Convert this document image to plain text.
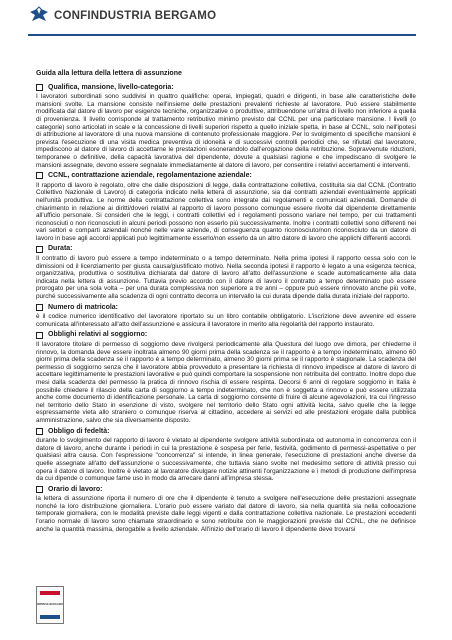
CONFINDUSTRIA BERGAMO
Guida alla lettura della lettera di assunzione
Qualifica, mansione, livello-categoria:

I lavoratori subordinati sono suddivisi in quattro qualifiche: operai, impiegati, quadri e dirigenti, in base alle caratteristiche delle mansioni svolte. La mansione consiste nell'insieme delle prestazioni prevalenti richieste al lavoratore. Può essere stabilmente modificata dal datore di lavoro per esigenze tecniche, organizzative o produttive, attribuendone un'altra di livello non inferiore a quella di provenienza. Il livello corrisponde al trattamento retributivo minimo previsto dal CCNL per una particolare mansione. I livelli (o categorie) sono articolati in scale e la concessione di livelli superiori rispetto a quello iniziale spetta, in base al CCNL, solo nell'ipotesi di attribuzione al lavoratore di una nuova mansione di contenuto professionale maggiore. Per lo svolgimento di specifiche mansioni è prevista l'esecuzione di una visita medica preventiva di idoneità e di successivi controlli periodici che, se rifiutati dal lavoratore, impediscono al datore di lavoro di accettarne le prestazioni esonerandolo dall'erogazione della retribuzione. Sopravvenute riduzioni, temporanee o definitive, della capacità lavorativa del dipendente, dovute a qualsiasi ragione e che impediscano di svolgere le mansioni assegnate, devono essere segnalate immediatamente al datore di lavoro, per consentire i relativi accertamenti e interventi.

CCNL, contrattazione aziendale, regolamentazione aziendale:

Il rapporto di lavoro è regolato, oltre che dalle disposizioni di legge, dalla contrattazione collettiva, costituita sia dal CCNL (Contratto Collettivo Nazionale di Lavoro) di categoria indicato nella lettera di assunzione, sia dai contratti aziendali eventualmente applicati nell'unità produttiva. Le norme della contrattazione collettiva sono integrate dai regolamenti e comunicati aziendali. Domande di chiarimento in relazione ai diritti/doveri relativi al rapporto di lavoro possono comunque essere rivolte dal dipendente direttamente all'ufficio personale. Si consideri che le leggi, i contratti collettivi ed i regolamenti possono variare nel tempo, per cui trattamenti riconosciuti o non riconosciuti in alcuni periodi possono non esserlo più successivamente. Inoltre i contratti collettivi sono differenti nei vari settori e comparti aziendali nonché nelle varie aziende, di conseguenza quanto riconosciuto/non riconosciuto da un datore di lavoro in base agli accordi applicati può legittimamente esserlo/non esserlo da un altro datore di lavoro che applichi differenti accordi.

Durata:

Il contratto di lavoro può essere a tempo indeterminato o a tempo determinato. Nella prima ipotesi il rapporto cessa solo con le dimissioni od il licenziamento per giusta causa/giustificato motivo. Nella seconda ipotesi il rapporto è legato a una esigenza tecnica, organizzativa, produttiva o sostitutiva dichiarata dal datore di lavoro all'atto dell'assunzione e scade automaticamente alla data indicata nella lettera di assunzione. Tuttavia previo accordo con il datore di lavoro il contratto a tempo determinato può essere prorogato per una sola volta – per una durata complessiva non superiore a tre anni – oppure può essere rinnovato anche più volte, purché successivamente alla scadenza di ogni contratto decorra un intervallo la cui durata dipende dalla durata iniziale del rapporto.

Numero di matricola:

è il codice numerico identificativo del lavoratore riportato su un libro contabile obbligatorio. L'iscrizione deve avvenire ed essere comunicata all'interessato all'atto dell'assunzione e assicura il lavoratore in merito alla regolarità del rapporto instaurato.

Obblighi relativi al soggiorno:

Il lavoratore titolare di permesso di soggiorno deve rivolgersi periodicamente alla Questura del luogo ove dimora, per chiederne il rinnovo, la domanda deve essere inoltrata almeno 90 giorni prima della scadenza se il rapporto è a tempo indeterminato, almeno 60 giorni prima della scadenza se il rapporto è a tempo determinato, almeno 30 giorni prima se il rapporto è stagionale. La scadenza del permesso di soggiorno senza che il lavoratore abbia provveduto a presentare la richiesta di rinnovo impedisce al datore di lavoro di accettare legittimamente le prestazioni lavorative e può quindi comportare la sospensione non retribuita del contratto. Inoltre dopo due mesi dalla scadenza del permesso la pratica di rinnovo rischia di essere respinta. Decorsi 6 anni di regolare soggiorno in Italia è possibile chiedere il rilascio della carta di soggiorno a tempo indeterminato, che non è soggetta a rinnovo e può essere utilizzata anche come documento di identificazione personale. La carta di soggiorno consente di fruire di alcune agevolazioni, tra cui l'ingresso nel territorio dello Stato in esenzione di visto, svolgere nel territorio dello Stato ogni attività lecita, salvo quelle che la legge espressamente vieta allo straniero o comunque riserva al cittadino, accedere ai servizi ed alle prestazioni erogate dalla pubblica amministrazione, salvo che sia diversamente disposto.

Obbligo di fedeltà:

durante lo svolgimento del rapporto di lavoro è vietato al dipendente svolgere attività subordinata od autonoma in concorrenza con il datore di lavoro, anche durante i periodi in cui la prestazione è sospesa per ferie, festività, godimento di permessi-aspettative o per qualsiasi altra causa. Con l'espressione "concorrenza" si intende, in linea generale, l'esecuzione di prestazioni anche diverse da quelle assegnate all'atto dell'assunzione o successivamente, che tuttavia siano svolte nel medesimo settore di attività presso cui opera il datore di lavoro. Inoltre è vietato al lavoratore divulgare notizie attinenti l'organizzazione e i metodi di produzione dell'impresa da cui dipende o comunque farne uso in modo da arrecare danni all'impresa stessa.

Orario di lavoro:

la lettera di assunzione riporta il numero di ore che il dipendente è tenuto a svolgere nell'esecuzione delle prestazioni assegnate nonché la loro distribuzione giornaliera. L'orario può essere variato dal datore di lavoro, sia nella quantità sia nella collocazione temporale giornaliera, con le modalità previste dalle leggi vigenti e dalla contrattazione collettiva nazionale. Le prestazioni eccedenti l'orario normale di lavoro sono chiamate straordinario e sono retribuite con le maggiorazioni previste dal CCNL, che ne definisce anche la quantità massima, derogabile a livello aziendale. All'inizio dell'orario di lavoro il dipendente deve trovarsi

IMPRESE BERGAMO
